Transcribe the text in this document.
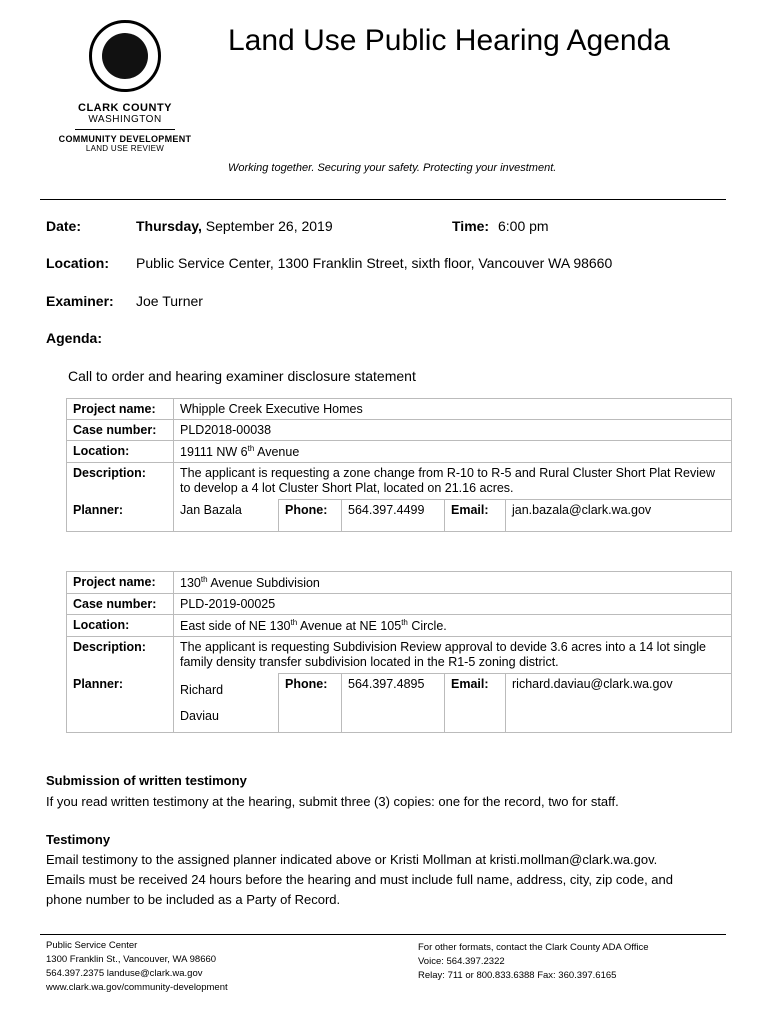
CLARK COUNTY
WASHINGTON
COMMUNITY DEVELOPMENT
LAND USE REVIEW
Land Use Public Hearing Agenda
Working together. Securing your safety. Protecting your investment.
Date:	Thursday, September 26, 2019	Time: 6:00 pm
Location: Public Service Center, 1300 Franklin Street, sixth floor, Vancouver WA 98660
Examiner: Joe Turner
Agenda:
Call to order and hearing examiner disclosure statement
Project name:	Whipple Creek Executive Homes				
Case number:	PLD2018-00038				
Location:	19111 NW 6th Avenue				
Description:	The applicant is requesting a zone change from R-10 to R-5 and Rural Cluster Short Plat Review to develop a 4 lot Cluster Short Plat, located on 21.16 acres.				
Planner:	Jan Bazala	Phone:	564.397.4499	Email:	jan.bazala@clark.wa.gov
Project name:	130th Avenue Subdivision				
Case number:	PLD-2019-00025				
Location:	East side of NE 130th Avenue at NE 105th Circle.				
Description:	The applicant is requesting Subdivision Review approval to devide 3.6 acres into a 14 lot single family density transfer subdivision located in the R1-5 zoning district.				
Planner:	Richard
Daviau	Phone:	564.397.4895	Email:	richard.daviau@clark.wa.gov
Submission of written testimony
If you read written testimony at the hearing, submit three (3) copies: one for the record, two for staff.
Testimony
Email testimony to the assigned planner indicated above or Kristi Mollman at kristi.mollman@clark.wa.gov.
Emails must be received 24 hours before the hearing and must include full name, address, city, zip code, and
phone number to be included as a Party of Record.
Public Service Center
1300 Franklin St., Vancouver, WA 98660
564.397.2375 landuse@clark.wa.gov
www.clark.wa.gov/community-development
For other formats, contact the Clark County ADA Office
Voice: 564.397.2322
Relay: 711 or 800.833.6388 Fax: 360.397.6165
